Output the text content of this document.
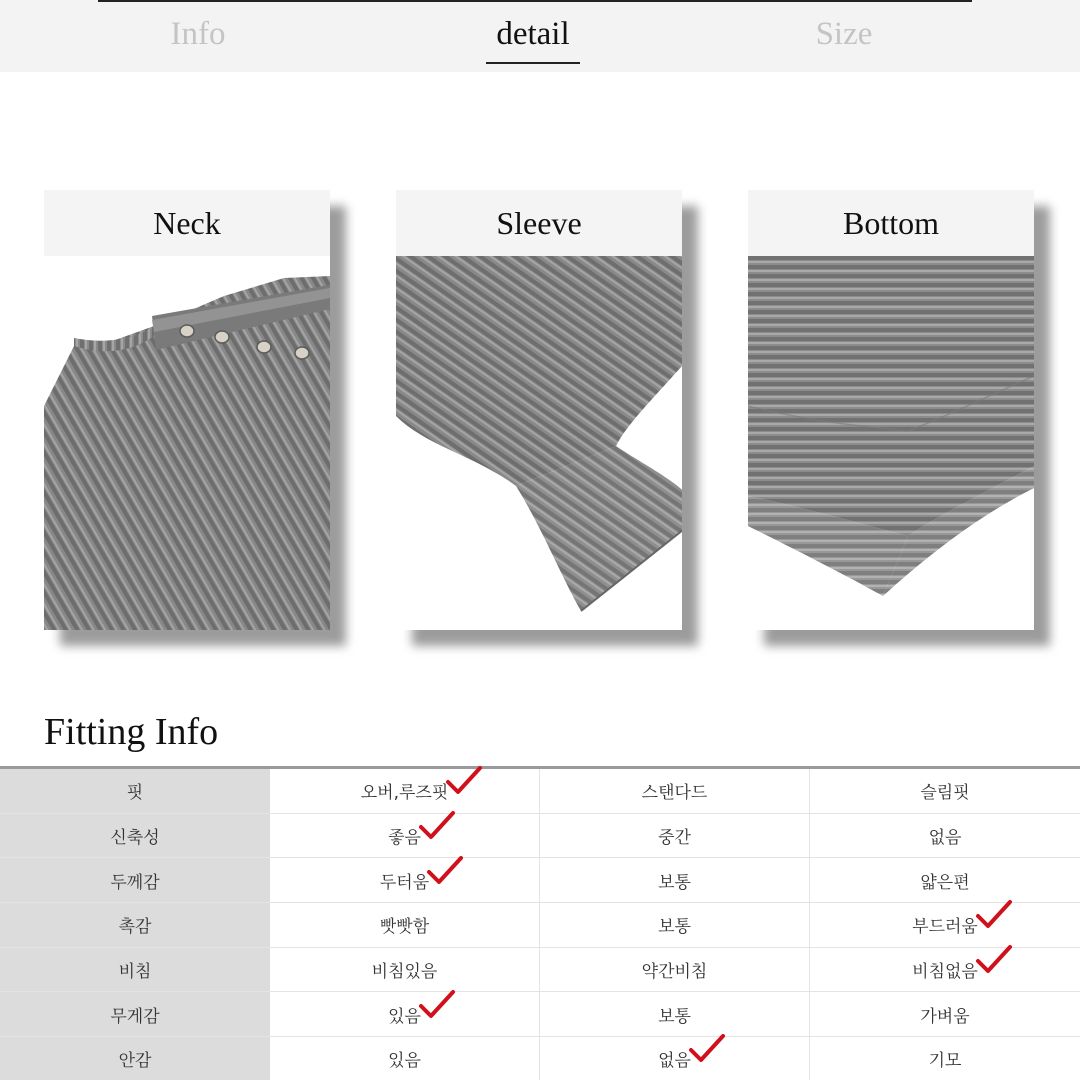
Info	detail	Size
Neck	Sleeve	Bottom
Fitting Info
핏	오버,루즈핏	스탠다드	슬림핏
신축성	좋음	중간	없음
두께감	두터움	보통	얇은편
촉감	빳빳함	보통	부드러움
비침	비침있음	약간비침	비침없음
무게감	있음	보통	가벼움
안감	있음	없음	기모
